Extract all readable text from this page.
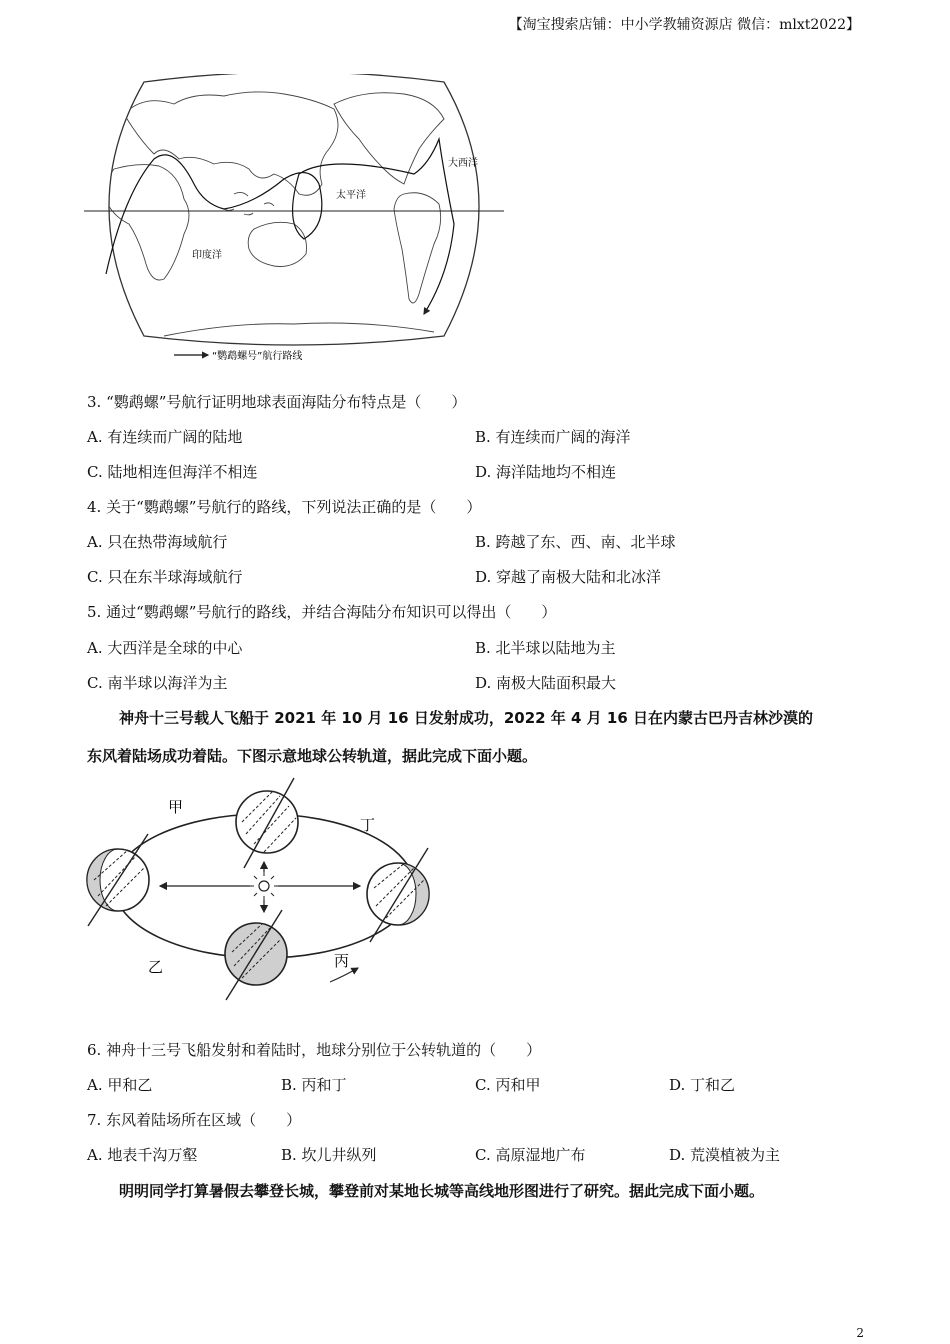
【淘宝搜索店铺：中小学教辅资源店 微信：mlxt2022】
太平洋
大西洋
印度洋
“鹦鹉螺号”航行路线
3. “鹦鹉螺”号航行证明地球表面海陆分布特点是（　　）
A. 有连续而广阔的陆地	B. 有连续而广阔的海洋
C. 陆地相连但海洋不相连	D. 海洋陆地均不相连
4. 关于“鹦鹉螺”号航行的路线，下列说法正确的是（　　）
A. 只在热带海域航行	B. 跨越了东、西、南、北半球
C. 只在东半球海域航行	D. 穿越了南极大陆和北冰洋
5. 通过“鹦鹉螺”号航行的路线，并结合海陆分布知识可以得出（　　）
A. 大西洋是全球的中心	B. 北半球以陆地为主
C. 南半球以海洋为主	D. 南极大陆面积最大
神舟十三号载人飞船于 2021 年 10 月 16 日发射成功，2022 年 4 月 16 日在内蒙古巴丹吉林沙漠的
东风着陆场成功着陆。下图示意地球公转轨道，据此完成下面小题。
甲
丁
乙	丙
6. 神舟十三号飞船发射和着陆时，地球分别位于公转轨道的（　　）
A. 甲和乙	B. 丙和丁	C. 丙和甲	D. 丁和乙
7. 东风着陆场所在区域（　　）
A. 地表千沟万壑	B. 坎儿井纵列	C. 高原湿地广布	D. 荒漠植被为主
明明同学打算暑假去攀登长城，攀登前对某地长城等高线地形图进行了研究。据此完成下面小题。
2
